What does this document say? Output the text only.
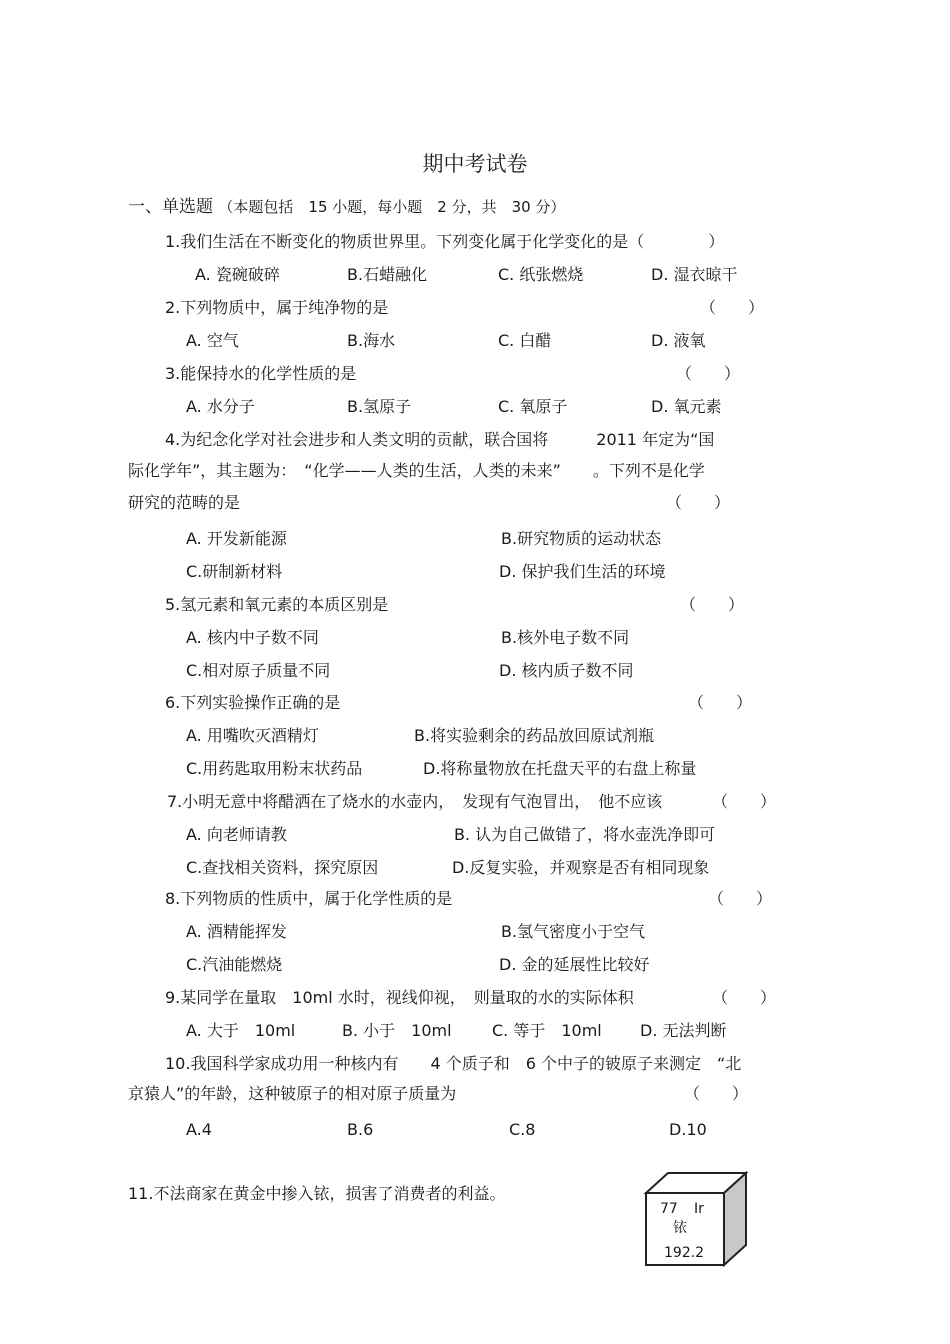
期中考试卷
一、单选题 （本题包括　15 小题，每小题　2 分，共　30 分）
1.我们生活在不断变化的物质世界里。下列变化属于化学变化的是（　　　　）
A. 瓷碗破碎	B.石蜡融化	C. 纸张燃烧	D. 湿衣晾干
2.下列物质中，属于纯净物的是	（　　）
A. 空气	B.海水	C. 白醋	D. 液氧
3.能保持水的化学性质的是	（　　）
A. 水分子	B.氢原子	C. 氧原子	D. 氧元素
4.为纪念化学对社会进步和人类文明的贡献，联合国将　　　2011 年定为“国
际化学年”，其主题为：　“化学——人类的生活，人类的未来”　　。下列不是化学
研究的范畴的是	（　　）
A. 开发新能源	B.研究物质的运动状态
C.研制新材料	D. 保护我们生活的环境
5.氢元素和氧元素的本质区别是	（　　）
A. 核内中子数不同	B.核外电子数不同
C.相对原子质量不同	D. 核内质子数不同
6.下列实验操作正确的是	（　　）
A. 用嘴吹灭酒精灯	B.将实验剩余的药品放回原试剂瓶
C.用药匙取用粉末状药品	D.将称量物放在托盘天平的右盘上称量
7.小明无意中将醋洒在了烧水的水壶内，　发现有气泡冒出，　他不应该	（　　）
A. 向老师请教	B. 认为自己做错了，将水壶洗净即可
C.查找相关资料，探究原因	D.反复实验，并观察是否有相同现象
8.下列物质的性质中，属于化学性质的是	（　　）
A. 酒精能挥发	B.氢气密度小于空气
C.汽油能燃烧	D. 金的延展性比较好
9.某同学在量取　10ml 水时，视线仰视，　则量取的水的实际体积	（　　）
A. 大于　10ml	B. 小于　10ml	C. 等于　10ml D. 无法判断
10.我国科学家成功用一种核内有　　4 个质子和　6 个中子的铍原子来测定　“北
京猿人”的年龄，这种铍原子的相对原子质量为	（　　）
A.4	B.6	C.8	D.10
11.不法商家在黄金中掺入铱，损害了消费者的利益。
77 Ir
铱
192.2
